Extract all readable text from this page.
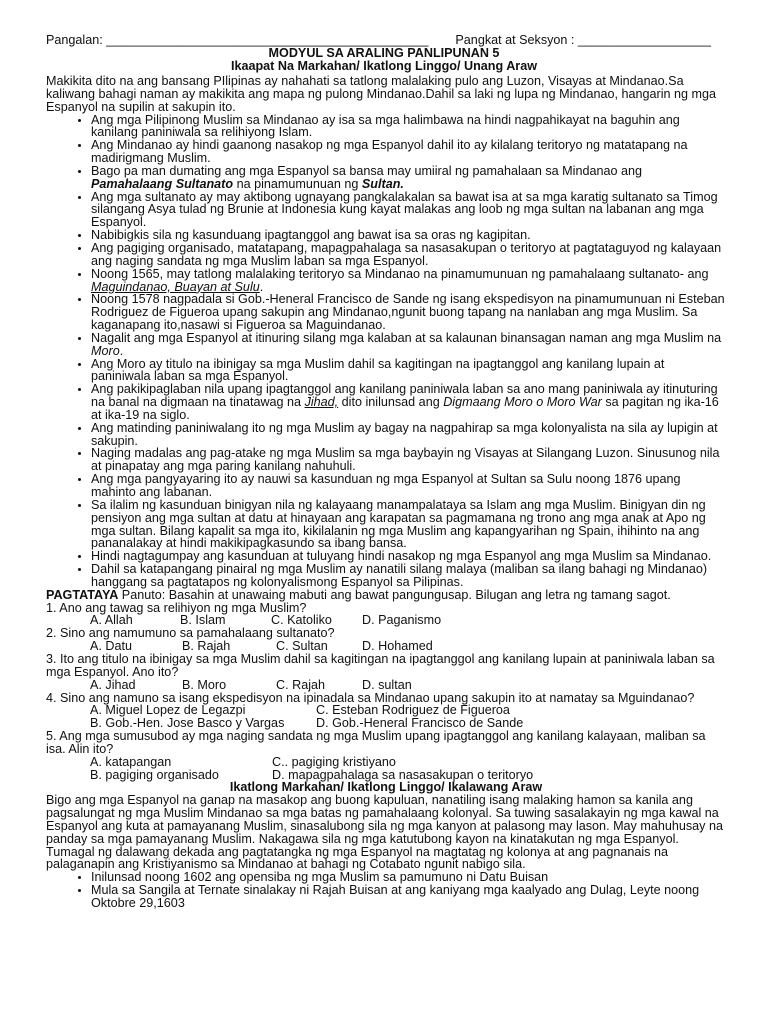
Pangalan: ______________________________________________ Pangkat at Seksyon : ___________________
MODYUL SA ARALING PANLIPUNAN 5
Ikaapat Na Markahan/ Ikatlong Linggo/ Unang Araw

Makikita dito na ang bansang PIlipinas ay nahahati sa tatlong malalaking pulo ang Luzon, Visayas at Mindanao.Sa kaliwang bahagi naman ay makikita ang mapa ng pulong Mindanao.Dahil sa laki ng lupa ng Mindanao, hangarin ng mga Espanyol na supilin at sakupin ito.

• Ang mga Pilipinong Muslim sa Mindanao ay isa sa mga halimbawa na hindi nagpahikayat na baguhin ang kanilang paniniwala sa relihiyong Islam.
• Ang Mindanao ay hindi gaanong nasakop ng mga Espanyol dahil ito ay kilalang teritoryo ng matatapang na madirigmang Muslim.
• Bago pa man dumating ang mga Espanyol sa bansa may umiiral ng pamahalaan sa Mindanao ang Pamahalaang Sultanato na pinamumunuan ng Sultan.
• Ang mga sultanato ay may aktibong ugnayang pangkalakalan sa bawat isa at sa mga karatig sultanato sa Timog silangang Asya tulad ng Brunie at Indonesia kung kayat malakas ang loob ng mga sultan na labanan ang mga Espanyol.
• Nabibigkis sila ng kasunduang ipagtanggol ang bawat isa sa oras ng kagipitan.
• Ang pagiging organisado, matatapang, mapagpahalaga sa nasasakupan o teritoryo at pagtataguyod ng kalayaan ang naging sandata ng mga Muslim laban sa mga Espanyol.
• Noong 1565, may tatlong malalaking teritoryo sa Mindanao na pinamumunuan ng pamahalaang sultanato- ang Maguindanao, Buayan at Sulu.
• Noong 1578 nagpadala si Gob.-Heneral Francisco de Sande ng isang ekspedisyon na pinamumunuan ni Esteban Rodriguez de Figueroa upang sakupin ang Mindanao,ngunit buong tapang na nanlaban ang mga Muslim. Sa kaganapang ito,nasawi si Figueroa sa Maguindanao.
• Nagalit ang mga Espanyol at itinuring silang mga kalaban at sa kalaunan binansagan naman ang mga Muslim na Moro.
• Ang Moro ay titulo na ibinigay sa mga Muslim dahil sa kagitingan na ipagtanggol ang kanilang lupain at paniniwala laban sa mga Espanyol.
• Ang pakikipaglaban nila upang ipagtanggol ang kanilang paniniwala laban sa ano mang paniniwala ay itinuturing na banal na digmaan na tinatawag na Jihad, dito inilunsad ang Digmaang Moro o Moro War sa pagitan ng ika-16 at ika-19 na siglo.
• Ang matinding paniniwalang ito ng mga Muslim ay bagay na nagpahirap sa mga kolonyalista na sila ay lupigin at sakupin.
• Naging madalas ang pag-atake ng mga Muslim sa mga baybayin ng Visayas at Silangang Luzon. Sinusunog nila at pinapatay ang mga paring kanilang nahuhuli.
• Ang mga pangyayaring ito ay nauwi sa kasunduan ng mga Espanyol at Sultan sa Sulu noong 1876 upang mahinto ang labanan.
• Sa ilalim ng kasunduan binigyan nila ng kalayaang manampalataya sa Islam ang mga Muslim. Binigyan din ng pensiyon ang mga sultan at datu at hinayaan ang karapatan sa pagmamana ng trono ang mga anak at Apo ng mga sultan. Bilang kapalit sa mga ito, kikilalanin ng mga Muslim ang kapangyarihan ng Spain, ihihinto na ang pananalakay at hindi makikipagkasundo sa ibang bansa.
• Hindi nagtagumpay ang kasunduan at tuluyang hindi nasakop ng mga Espanyol ang mga Muslim sa Mindanao.
• Dahil sa katapangang pinairal ng mga Muslim ay nanatili silang malaya (maliban sa ilang bahagi ng Mindanao) hanggang sa pagtatapos ng kolonyalismong Espanyol sa Pilipinas.

PAGTATAYA Panuto: Basahin at unawaing mabuti ang bawat pangungusap. Bilugan ang letra ng tamang sagot.

1. Ano ang tawag sa relihiyon ng mga Muslim?

A. Allah	B. Islam	C. Katoliko	D. Paganismo

2. Sino ang namumuno sa pamahalaang sultanato?

A. Datu	B. Rajah	C. Sultan	D. Hohamed

3. Ito ang titulo na ibinigay sa mga Muslim dahil sa kagitingan na ipagtanggol ang kanilang lupain at paniniwala laban sa mga Espanyol. Ano ito?

A. Jihad	B. Moro	C. Rajah	D. sultan

4. Sino ang namuno sa isang ekspedisyon na ipinadala sa Mindanao upang sakupin ito at namatay sa Mguindanao?

A. Miguel Lopez de Legazpi	C. Esteban Rodriguez de Figueroa
B. Gob.-Hen. Jose Basco y Vargas	D. Gob.-Heneral Francisco de Sande

5. Ang mga sumusubod ay mga naging sandata ng mga Muslim upang ipagtanggol ang kanilang kalayaan, maliban sa isa. Alin ito?

A. katapangan	C.. pagiging kristiyano
B. pagiging organisado	D. mapagpahalaga sa nasasakupan o teritoryo
Ikatlong Markahan/ Ikatlong Linggo/ Ikalawang Araw

Bigo ang mga Espanyol na ganap na masakop ang buong kapuluan, nanatiling isang malaking hamon sa kanila ang pagsalungat ng mga Muslim Mindanao sa mga batas ng pamahalaang kolonyal. Sa tuwing sasalakayin ng mga kawal na Espanyol ang kuta at pamayanang Muslim, sinasalubong sila ng mga kanyon at palasong may lason. May mahuhusay na panday sa mga pamayanang Muslim. Nakagawa sila ng mga katutubong kayon na kinatakutan ng mga Espanyol. Tumagal ng dalawang dekada ang pagtatangka ng mga Espanyol na magtatag ng kolonya at ang pagnanais na palaganapin ang Kristiyanismo sa Mindanao at bahagi ng Cotabato ngunit nabigo sila.

• Inilunsad noong 1602 ang opensiba ng mga Muslim sa pamumuno ni Datu Buisan
• Mula sa Sangila at Ternate sinalakay ni Rajah Buisan at ang kaniyang mga kaalyado ang Dulag, Leyte noong Oktobre 29,1603
